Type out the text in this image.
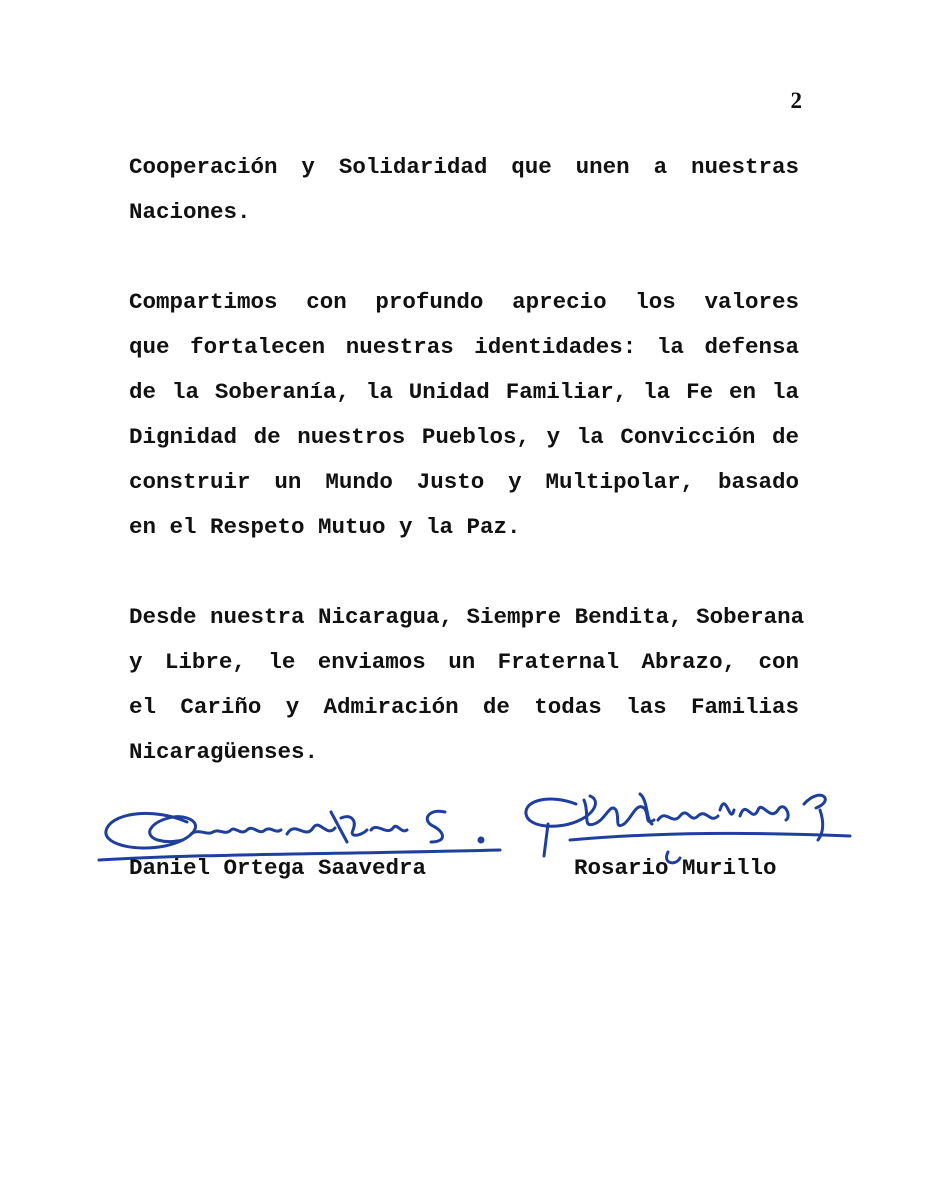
2
Cooperación y Solidaridad que unen a nuestras
Naciones.
Compartimos con profundo aprecio los valores
que fortalecen nuestras identidades: la defensa
de la Soberanía, la Unidad Familiar, la Fe en la
Dignidad de nuestros Pueblos, y la Convicción de
construir un Mundo Justo y Multipolar, basado
en el Respeto Mutuo y la Paz.
Desde nuestra Nicaragua, Siempre Bendita, Soberana
y Libre, le enviamos un Fraternal Abrazo, con
el Cariño y Admiración de todas las Familias
Nicaragüenses.
Daniel Ortega Saavedra	Rosario Murillo
